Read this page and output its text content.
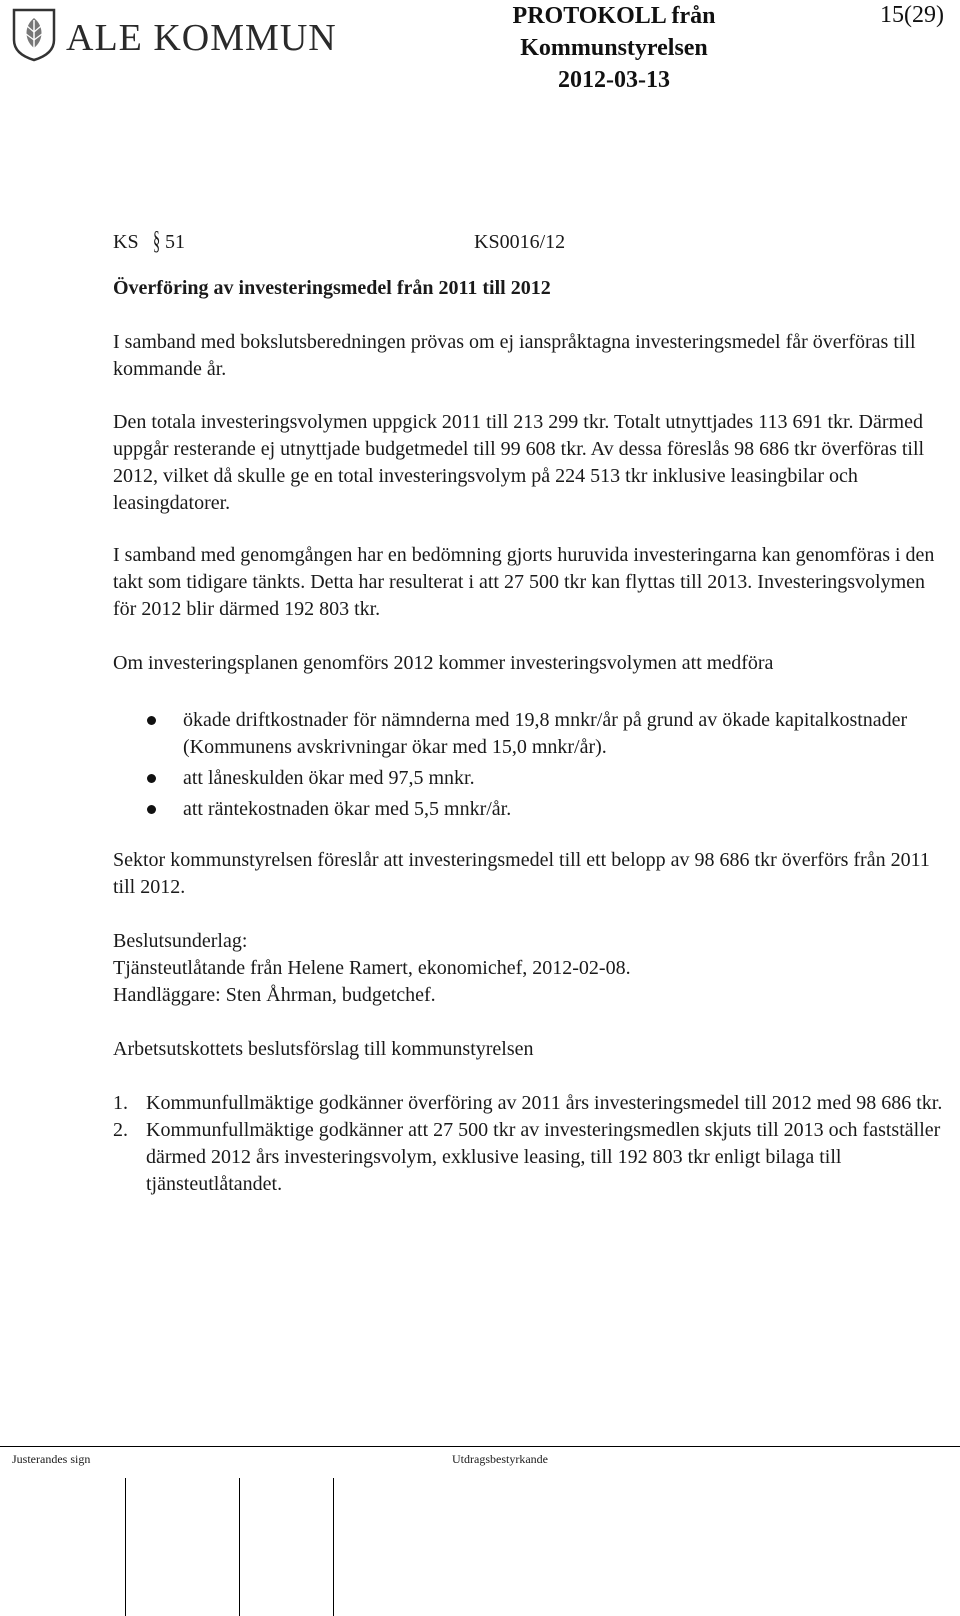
ALE KOMMUN
PROTOKOLL från
Kommunstyrelsen
2012-03-13
15(29)
KS § 51	KS0016/12
Överföring av investeringsmedel från 2011 till 2012

I samband med bokslutsberedningen prövas om ej ianspråktagna investeringsmedel får överföras till kommande år.

Den totala investeringsvolymen uppgick 2011 till 213 299 tkr. Totalt utnyttjades 113 691 tkr. Därmed uppgår resterande ej utnyttjade budgetmedel till 99 608 tkr. Av dessa föreslås 98 686 tkr överföras till 2012, vilket då skulle ge en total investeringsvolym på 224 513 tkr inklusive leasingbilar och leasingdatorer.

I samband med genomgången har en bedömning gjorts huruvida investeringarna kan genomföras i den takt som tidigare tänkts. Detta har resulterat i att 27 500 tkr kan flyttas till 2013. Investeringsvolymen för 2012 blir därmed 192 803 tkr.

Om investeringsplanen genomförs 2012 kommer investeringsvolymen att medföra

ökade driftkostnader för nämnderna med 19,8 mnkr/år på grund av ökade kapitalkostnader (Kommunens avskrivningar ökar med 15,0 mnkr/år).
att låneskulden ökar med 97,5 mnkr.
att räntekostnaden ökar med 5,5 mnkr/år.

Sektor kommunstyrelsen föreslår att investeringsmedel till ett belopp av 98 686 tkr överförs från 2011 till 2012.

Beslutsunderlag:
Tjänsteutlåtande från Helene Ramert, ekonomichef, 2012-02-08.
Handläggare: Sten Åhrman, budgetchef.
Arbetsutskottets beslutsförslag till kommunstyrelsen
1. Kommunfullmäktige godkänner överföring av 2011 års investeringsmedel till 2012 med 98 686 tkr.
2. Kommunfullmäktige godkänner att 27 500 tkr av investeringsmedlen skjuts till 2013 och fastställer därmed 2012 års investeringsvolym, exklusive leasing, till 192 803 tkr enligt bilaga till tjänsteutlåtandet.
Justerandes sign	Utdragsbestyrkande
